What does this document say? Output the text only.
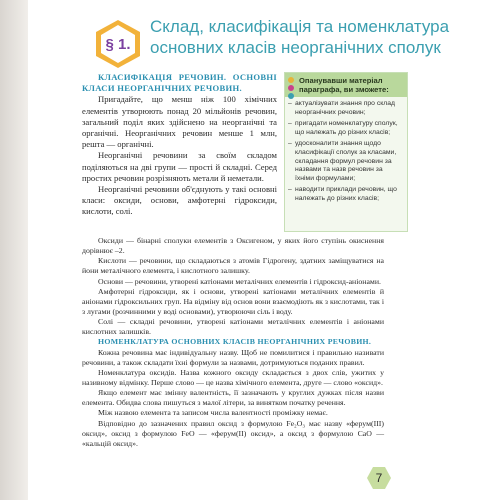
§ 1.
Склад, класифікація та номенклатура основних класів неорганічних сполук

КЛАСИФІКАЦІЯ РЕЧОВИН. ОСНОВНІ КЛАСИ НЕОРГАНІЧНИХ РЕЧОВИН.

Пригадайте, що менш ніж 100 хімічних елементів утворюють понад 20 мільйонів речовин, загальний поділ яких здійснено на неорганічні та органічні. Неорганічних речовин менше 1 млн, решта — органічні.

Неорганічні речовини за своїм складом поділяються на дві групи — прості й складні. Серед простих речовин розрізняють метали й неметали.

Неорганічні речовини об'єднують у такі основні класи: оксиди, основи, амфотерні гідроксиди, кислоти, солі.

Опанувавши матеріал параграфа, ви зможете:
– актуалізувати знання про склад неорганічних речовин;
– пригадати номенклатуру сполук, що належать до різних класів;
– удосконалити знання щодо класифікації сполук за класами, складання формул речовин за назвами та назв речовин за їхніми формулами;
– наводити приклади речовин, що належать до різних класів;

Оксиди — бінарні сполуки елементів з Оксигеном, у яких його ступінь окиснення дорівнює –2.

Кислоти — речовини, що складаються з атомів Гідрогену, здатних заміщуватися на йони металічного елемента, і кислотного залишку.

Основи — речовини, утворені катіонами металічних елементів і гідроксид-аніонами.

Амфотерні гідроксиди, як і основи, утворені катіонами металічних елементів й аніонами гідроксильних груп. На відміну від основ вони взаємодіють як з кислотами, так і з лугами (розчинними у воді основами), утворюючи сіль і воду.

Солі — складні речовини, утворені катіонами металічних елементів і аніонами кислотних залишків.

НОМЕНКЛАТУРА ОСНОВНИХ КЛАСІВ НЕОРГАНІЧНИХ РЕЧОВИН.

Кожна речовина має індивідуальну назву. Щоб не помилитися і правильно називати речовини, а також складати їхні формули за назвами, дотримуються поданих правил.

Номенклатура оксидів. Назва кожного оксиду складається з двох слів, ужитих у називному відмінку. Перше слово — це назва хімічного елемента, друге — слово «оксид».

Якщо елемент має змінну валентність, її зазначають у круглих дужках після назви елемента. Обидва слова пишуться з малої літери, за винятком початку речення.

Між назвою елемента та записом числа валентності проміжку немає.

Відповідно до зазначених правил оксид з формулою Fe₂O₃ має назву «ферум(III) оксид», оксид з формулою FeO — «ферум(II) оксид», а оксид з формулою CaO — «кальцій оксид».

7
